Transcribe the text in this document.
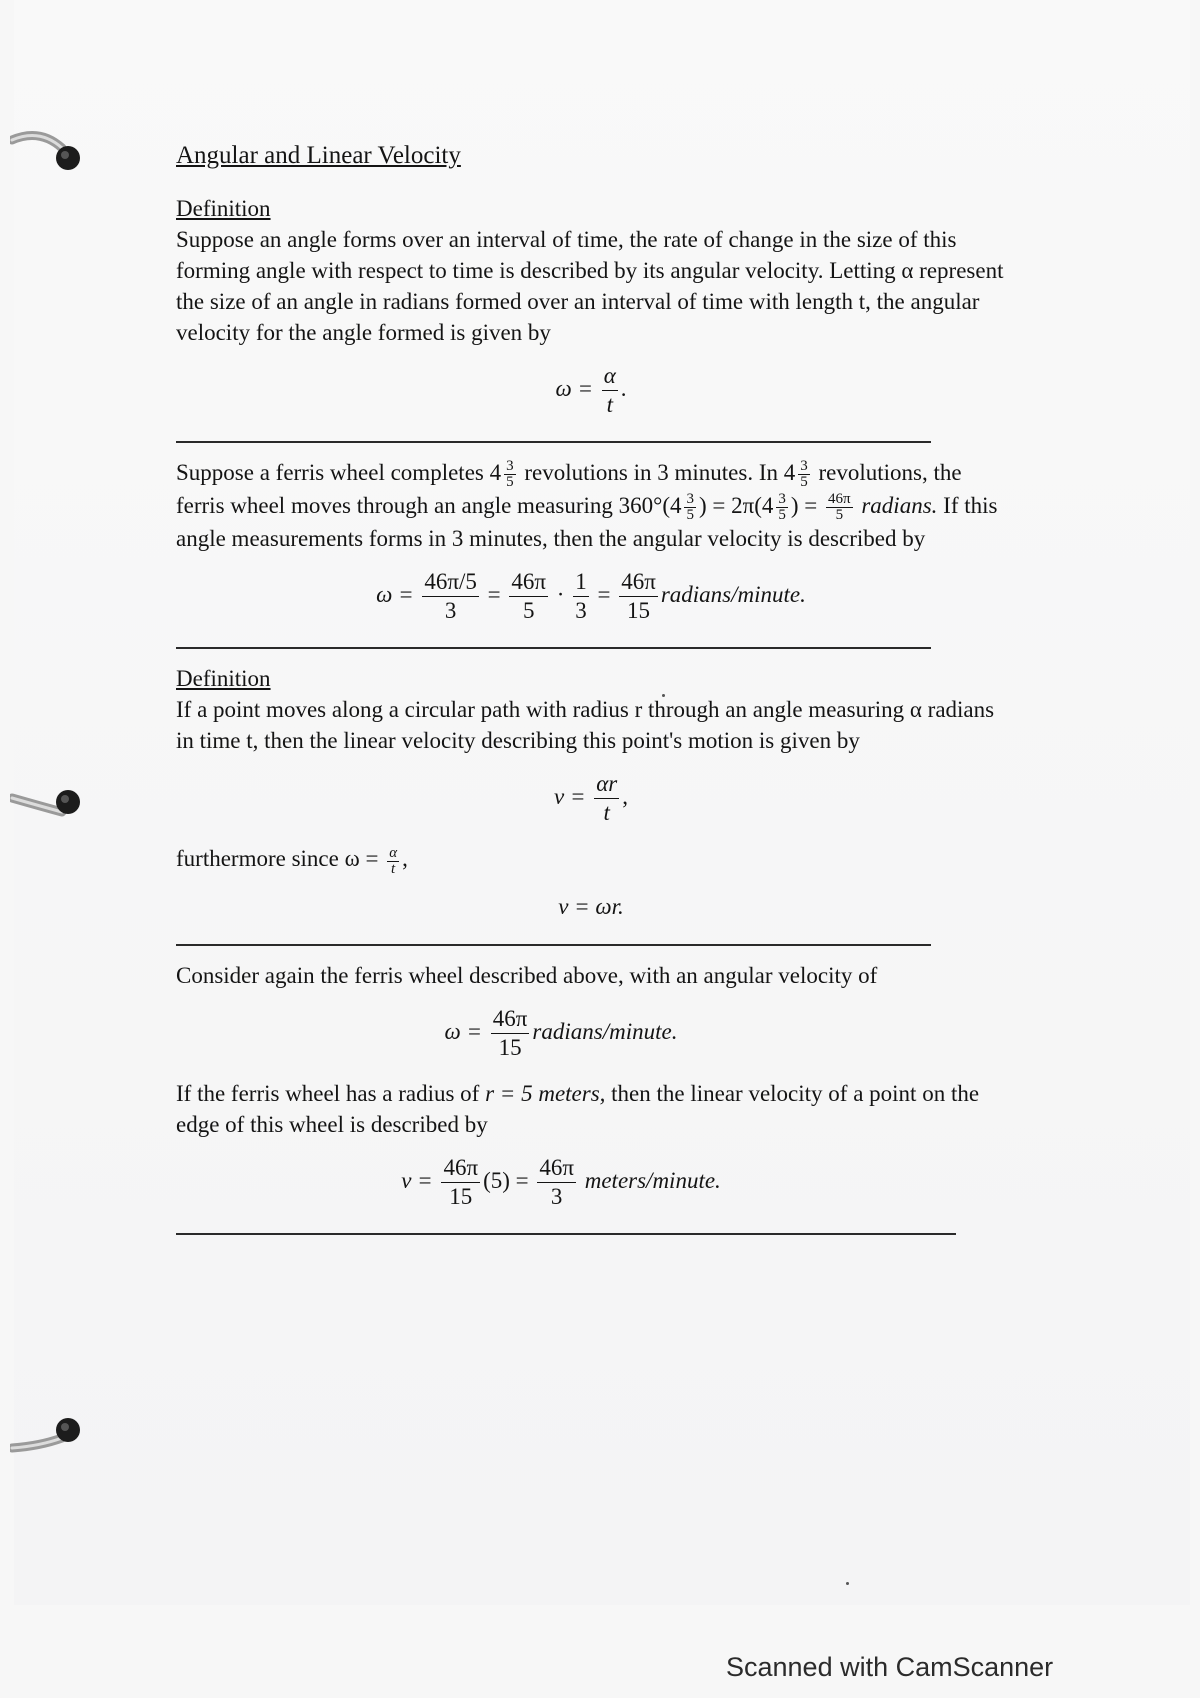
Angular and Linear Velocity
Definition

Suppose an angle forms over an interval of time, the rate of change in the size of this forming angle with respect to time is described by its angular velocity. Letting α represent the size of an angle in radians formed over an interval of time with length t, the angular velocity for the angle formed is given by

$\omega = \frac{\alpha}{t}$ .

Suppose a ferris wheel completes $4 \frac{3}{5}$ revolutions in 3 minutes. In $4 \frac{3}{5}$ revolutions, the ferris wheel moves through an angle measuring $360^\circ(4 \frac{3}{5}$ ) = $2\pi(4 \frac{3}{5}$ ) = $\frac{46\pi}{5}$ radians. If this angle measurements forms in 3 minutes, then the angular velocity is described by

$\omega = \frac{46\pi/5}{3} = \frac{46\pi}{5} \cdot \frac{1}{3} = \frac{46\pi}{15}$ radians/minute.
Definition

If a point moves along a circular path with radius r through an angle measuring α radians in time t, then the linear velocity describing this point's motion is given by

$v = \frac{\alpha r}{t}$ ,

furthermore since $\omega = \frac{\alpha}{t}$ ,

v = ωr.

Consider again the ferris wheel described above, with an angular velocity of

$\omega = \frac{46\pi}{15}$ radians/minute.

If the ferris wheel has a radius of r = 5 meters, then the linear velocity of a point on the edge of this wheel is described by

$v = \frac{46\pi}{15} (5) = \frac{46\pi}{3}$ meters/minute.
Scanned with CamScanner
